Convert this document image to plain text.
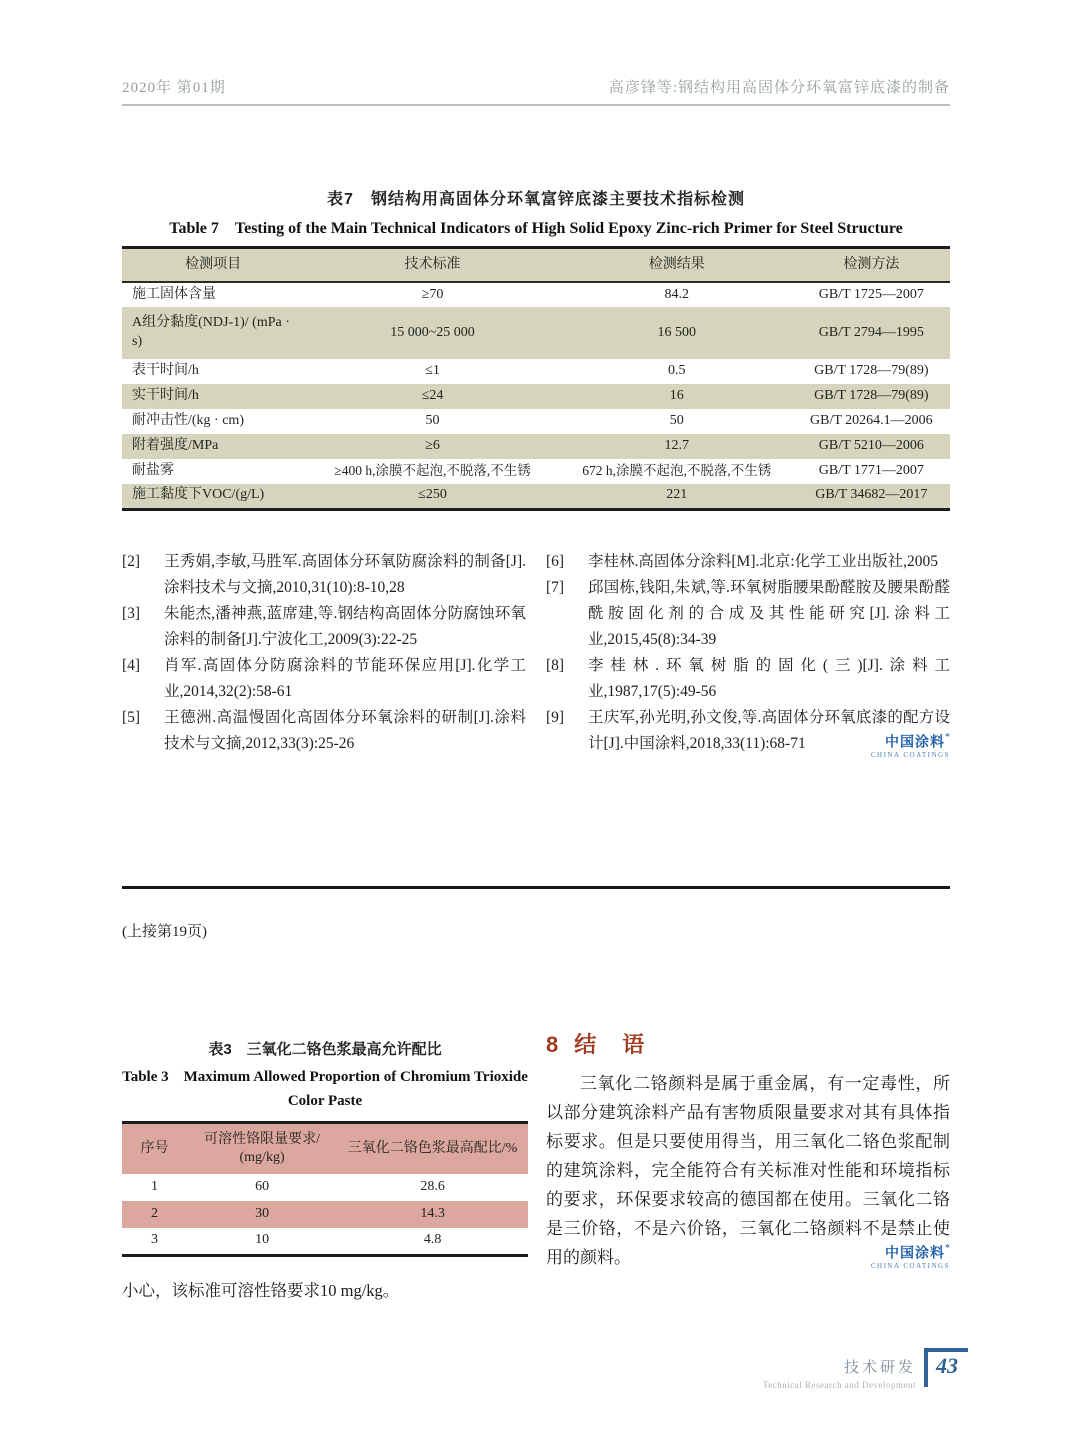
2020年 第01期	高彦锋等:钢结构用高固体分环氧富锌底漆的制备
表7　钢结构用高固体分环氧富锌底漆主要技术指标检测
Table 7　Testing of the Main Technical Indicators of High Solid Epoxy Zinc-rich Primer for Steel Structure
检测项目	技术标准	检测结果	检测方法
施工固体含量	≥70	84.2	GB/T 1725—2007
A组分黏度(NDJ-1)/ (mPa · s)	15 000~25 000	16 500	GB/T 2794—1995
表干时间/h	≤1	0.5	GB/T 1728—79(89)
实干时间/h	≤24	16	GB/T 1728—79(89)
耐冲击性/(kg · cm)	50	50	GB/T 20264.1—2006
附着强度/MPa	≥6	12.7	GB/T 5210—2006
耐盐雾	≥400 h,涂膜不起泡,不脱落,不生锈	672 h,涂膜不起泡,不脱落,不生锈	GB/T 1771—2007
施工黏度下VOC/(g/L)	≤250	221	GB/T 34682—2017
[2]	王秀娟,李敏,马胜军.高固体分环氧防腐涂料的制备[J].涂料技术与文摘,2010,31(10):8-10,28
[3]	朱能杰,潘神燕,蓝席建,等.钢结构高固体分防腐蚀环氧涂料的制备[J].宁波化工,2009(3):22-25
[4]	肖军.高固体分防腐涂料的节能环保应用[J].化学工业,2014,32(2):58-61
[5]	王德洲.高温慢固化高固体分环氧涂料的研制[J].涂料技术与文摘,2012,33(3):25-26
[6]	李桂林.高固体分涂料[M].北京:化学工业出版社,2005
[7]	邱国栋,钱阳,朱斌,等.环氧树脂腰果酚醛胺及腰果酚醛酰胺固化剂的合成及其性能研究[J].涂料工业,2015,45(8):34-39
[8]	李桂林.环氧树脂的固化(三)[J].涂料工业,1987,17(5):49-56
[9]	王庆军,孙光明,孙文俊,等.高固体分环氧底漆的配方设计[J].中国涂料,2018,33(11):68-71	中国涂料*
CHINA COATINGS
(上接第19页)
表3　三氧化二铬色浆最高允许配比
Table 3　Maximum Allowed Proportion of Chromium Trioxide Color Paste
序号	可溶性铬限量要求/ (mg/kg)	三氧化二铬色浆最高配比/%
1	60	28.6
2	30	14.3
3	10	4.8
小心，该标准可溶性铬要求10 mg/kg。
8 结　语

三氧化二铬颜料是属于重金属，有一定毒性，所以部分建筑涂料产品有害物质限量要求对其有具体指标要求。但是只要使用得当，用三氧化二铬色浆配制的建筑涂料，完全能符合有关标准对性能和环境指标的要求，环保要求较高的德国都在使用。三氧化二铬是三价铬，不是六价铬，三氧化二铬颜料不是禁止使用的颜料。	中国涂料*
CHINA COATINGS
技术研发
Technical Research and Development
43
